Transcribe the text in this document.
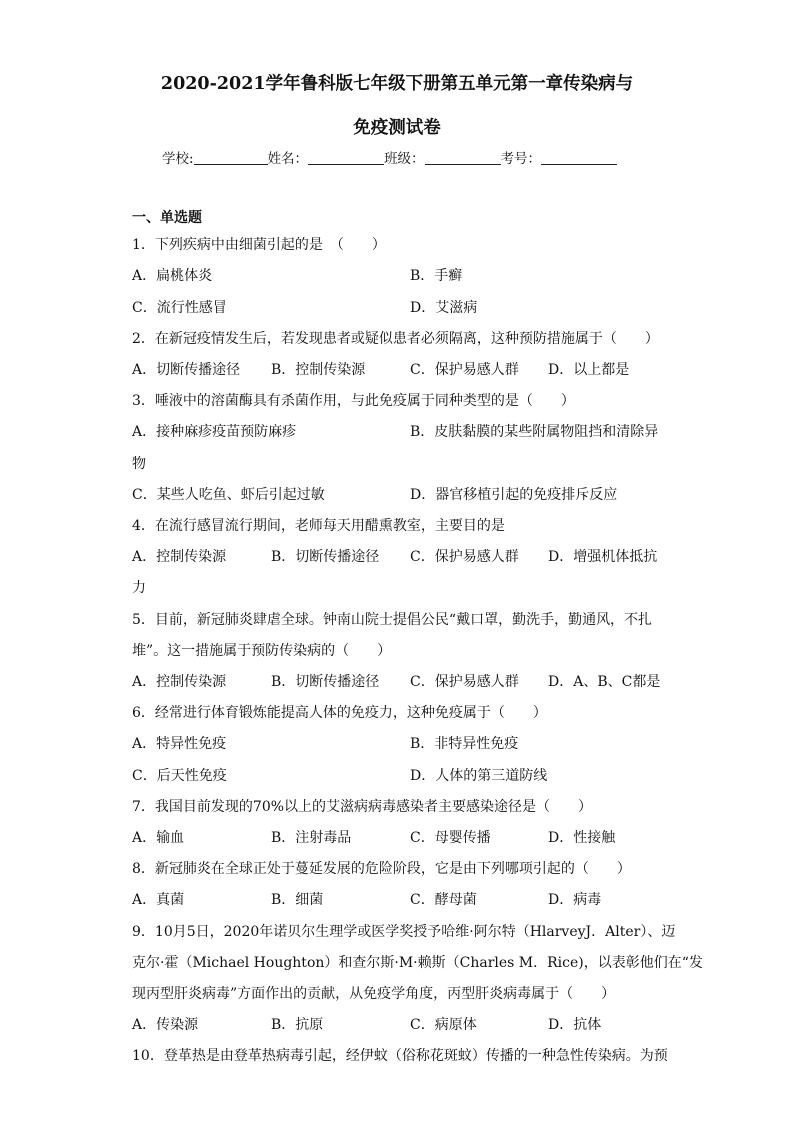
2020-2021学年鲁科版七年级下册第五单元第一章传染病与
免疫测试卷
学校:	姓名：	班级：	考号：
一、单选题
1．下列疾病中由细菌引起的是　（　　）
A．扁桃体炎	B．手癣
C．流行性感冒	D．艾滋病
2．在新冠疫情发生后，若发现患者或疑似患者必须隔离，这种预防措施属于（　　）
A．切断传播途径 B．控制传染源	C．保护易感人群 D．以上都是
3．唾液中的溶菌酶具有杀菌作用，与此免疫属于同种类型的是（　　）
A．接种麻疹疫苗预防麻疹	B．皮肤黏膜的某些附属物阻挡和清除异
物
C．某些人吃鱼、虾后引起过敏	D．器官移植引起的免疫排斥反应
4．在流行感冒流行期间，老师每天用醋熏教室，主要目的是
A．控制传染源	B．切断传播途径 C．保护易感人群 D．增强机体抵抗
力
5．目前，新冠肺炎肆虐全球。钟南山院士提倡公民“戴口罩，勤洗手，勤通风，不扎
堆”。这一措施属于预防传染病的（　　）
A．控制传染源	B．切断传播途径 C．保护易感人群 D．A、B、C都是
6．经常进行体育锻炼能提高人体的免疫力，这种免疫属于（　　）
A．特异性免疫	B．非特异性免疫
C．后天性免疫	D．人体的第三道防线
7．我国目前发现的70%以上的艾滋病病毒感染者主要感染途径是（　　）
A．输血	B．注射毒品	C．母婴传播	D．性接触
8．新冠肺炎在全球正处于蔓延发展的危险阶段，它是由下列哪项引起的（　　）
A．真菌	B．细菌	C．酵母菌	D．病毒
9．10月5日，2020年诺贝尔生理学或医学奖授予哈维·阿尔特（HlarveyJ．Alter）、迈
克尔·霍（Michael Houghton）和查尔斯·M·赖斯（Charles M．Rice)，以表彰他们在“发
现丙型肝炎病毒”方面作出的贡献，从免疫学角度，丙型肝炎病毒属于（　　）
A．传染源	B．抗原	C．病原体	D．抗体
10．登革热是由登革热病毒引起，经伊蚊（俗称花斑蚊）传播的一种急性传染病。为预
